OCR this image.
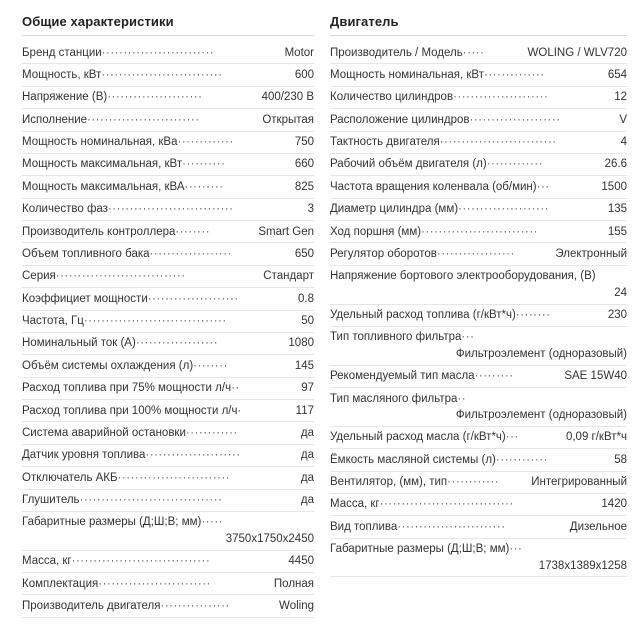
Общие характеристики
Motor
Бренд станции··························
600
Мощность, кВт····························
400/230 В
Напряжение (В)······················
Открытая
Исполнение··························
750
Мощность номинальная, кВа·············
660
Мощность максимальная, кВт··········
825
Мощность максимальная, кВА·········
3
Количество фаз·····························
Smart Gen
Производитель контроллера········
650
Объем топливного бака···················
Стандарт
Серия······························
0.8
Коэффициет мощности·····················
50
Частота, Гц·································
1080
Номинальный ток (A)···················
145
Объём системы охлаждения (л)········
97
Расход топлива при 75% мощности л/ч··
117
Расход топлива при 100% мощности л/ч·
да
Система аварийной остановки············
да
Датчик уровня топлива······················
да
Отключатель АКБ··························
да
Глушитель·································
Габаритные размеры (Д;Ш;В; мм)·····
3750x1750x2450
4450
Масса, кг································
Полная
Комплектация··························
Woling
Производитель двигателя················
Двигатель
WOLING / WLV720
Производитель / Модель·····
654
Мощность номинальная, кВт··············
12
Количество цилиндров······················
V
Расположение цилиндров·····················
4
Тактность двигателя···························
26.6
Рабочий объём двигателя (л)·············
1500
Частота вращения коленвала (об/мин)···
135
Диаметр цилиндра (мм)·····················
155
Ход поршня (мм)···························
Электронный
Регулятор оборотов··················
Напряжение бортового электрооборудования, (В)
24
230
Удельный расход топлива (г/кВт*ч)········
Тип топливного фильтра···
Фильтроэлемент (одноразовый)
SAE 15W40
Рекомендуемый тип масла·········
Тип масляного фильтра··
Фильтроэлемент (одноразовый)
0,09 г/кВт*ч
Удельный расход масла (г/кВт*ч)···
58
Ёмкость масляной системы (л)············
Интегрированный
Вентилятор, (мм), тип············
1420
Масса, кг·······························
Дизельное
Вид топлива·························
Габаритные размеры (Д;Ш;В; мм)···
1738x1389x1258
